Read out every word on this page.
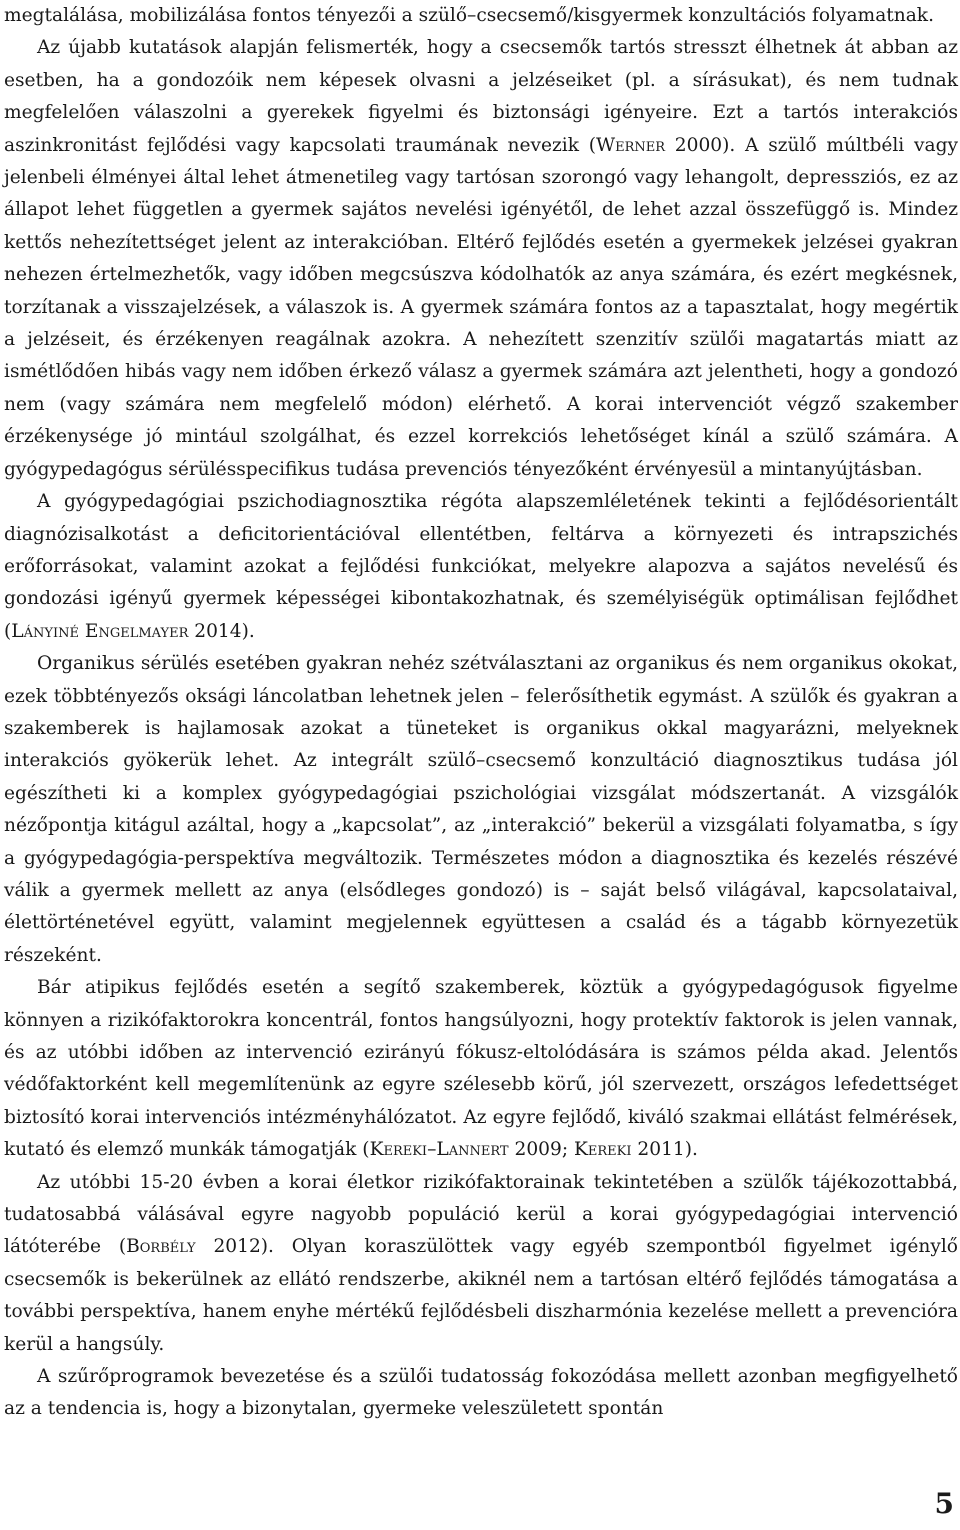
megtalálása, mobilizálása fontos tényezői a szülő–csecsemő/kisgyermek konzultációs folyamatnak.

Az újabb kutatások alapján felismerték, hogy a csecsemők tartós stresszt élhetnek át abban az esetben, ha a gondozóik nem képesek olvasni a jelzéseiket (pl. a sírásukat), és nem tudnak megfelelően válaszolni a gyerekek figyelmi és biztonsági igényeire. Ezt a tartós interakciós aszinkronitást fejlődési vagy kapcsolati traumának nevezik (Werner 2000). A szülő múltbéli vagy jelenbeli élményei által lehet átmenetileg vagy tartósan szorongó vagy lehangolt, depressziós, ez az állapot lehet független a gyermek sajátos nevelési igényétől, de lehet azzal összefüggő is. Mindez kettős nehezítettséget jelent az interakcióban. Eltérő fejlődés esetén a gyermekek jelzései gyakran nehezen értelmezhetők, vagy időben megcsúszva kódolhatók az anya számára, és ezért megkésnek, torzítanak a visszajelzések, a válaszok is. A gyermek számára fontos az a tapasztalat, hogy megértik a jelzéseit, és érzékenyen reagálnak azokra. A nehezített szenzitív szülői magatartás miatt az ismétlődően hibás vagy nem időben érkező válasz a gyermek számára azt jelentheti, hogy a gondozó nem (vagy számára nem megfelelő módon) elérhető. A korai intervenciót végző szakember érzékenysége jó mintául szolgálhat, és ezzel korrekciós lehetőséget kínál a szülő számára. A gyógypedagógus sérülésspecifikus tudása prevenciós tényezőként érvényesül a mintanyújtásban.

A gyógypedagógiai pszichodiagnosztika régóta alapszemléletének tekinti a fejlődésorientált diagnózisalkotást a deficitorientációval ellentétben, feltárva a környezeti és intrapszichés erőforrásokat, valamint azokat a fejlődési funkciókat, melyekre alapozva a sajátos nevelésű és gondozási igényű gyermek képességei kibontakozhatnak, és személyiségük optimálisan fejlődhet (Lányiné Engelmayer 2014).

Organikus sérülés esetében gyakran nehéz szétválasztani az organikus és nem organikus okokat, ezek többtényezős oksági láncolatban lehetnek jelen – felerősíthetik egymást. A szülők és gyakran a szakemberek is hajlamosak azokat a tüneteket is organikus okkal magyarázni, melyeknek interakciós gyökerük lehet. Az integrált szülő–csecsemő konzultáció diagnosztikus tudása jól egészítheti ki a komplex gyógypedagógiai pszichológiai vizsgálat módszertanát. A vizsgálók nézőpontja kitágul azáltal, hogy a „kapcsolat”, az „interakció” bekerül a vizsgálati folyamatba, s így a gyógypedagógia-perspektíva megváltozik. Természetes módon a diagnosztika és kezelés részévé válik a gyermek mellett az anya (elsődleges gondozó) is – saját belső világával, kapcsolataival, élettörténetével együtt, valamint megjelennek együttesen a család és a tágabb környezetük részeként.

Bár atipikus fejlődés esetén a segítő szakemberek, köztük a gyógypedagógusok figyelme könnyen a rizikófaktorokra koncentrál, fontos hangsúlyozni, hogy protektív faktorok is jelen vannak, és az utóbbi időben az intervenció ezirányú fókusz-eltolódására is számos példa akad. Jelentős védőfaktorként kell megemlítenünk az egyre szélesebb körű, jól szervezett, országos lefedettséget biztosító korai intervenciós intézményhálózatot. Az egyre fejlődő, kiváló szakmai ellátást felmérések, kutató és elemző munkák támogatják (Kereki–Lannert 2009; Kereki 2011).

Az utóbbi 15-20 évben a korai életkor rizikófaktorainak tekintetében a szülők tájékozottabbá, tudatosabbá válásával egyre nagyobb populáció kerül a korai gyógypedagógiai intervenció látóterébe (Borbély 2012). Olyan koraszülöttek vagy egyéb szempontból figyelmet igénylő csecsemők is bekerülnek az ellátó rendszerbe, akiknél nem a tartósan eltérő fejlődés támogatása a további perspektíva, hanem enyhe mértékű fejlődésbeli diszharmónia kezelése mellett a prevencióra kerül a hangsúly.

A szűrőprogramok bevezetése és a szülői tudatosság fokozódása mellett azonban megfigyelhető az a tendencia is, hogy a bizonytalan, gyermeke veleszületett spontán

5
